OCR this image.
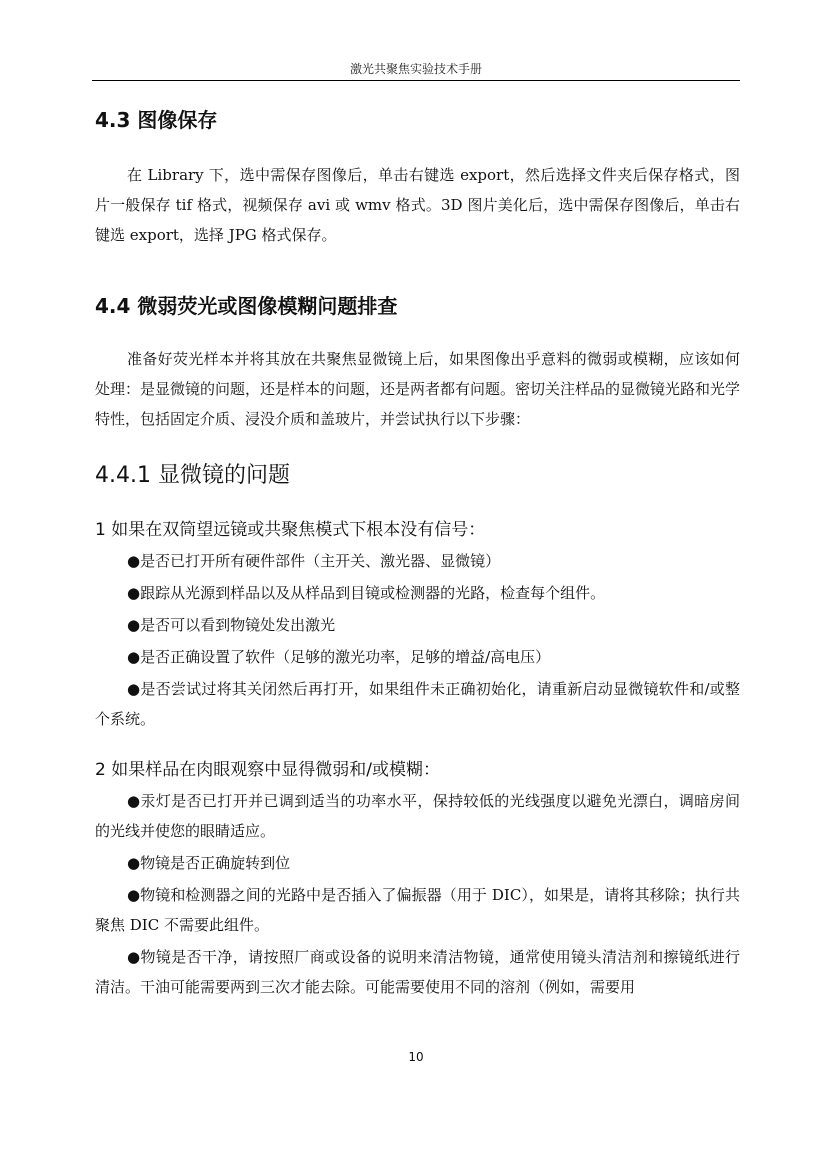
激光共聚焦实验技术手册
4.3 图像保存

在 Library 下，选中需保存图像后，单击右键选 export，然后选择文件夹后保存格式，图片一般保存 tif 格式，视频保存 avi 或 wmv 格式。3D 图片美化后，选中需保存图像后，单击右键选 export，选择 JPG 格式保存。

4.4 微弱荧光或图像模糊问题排查

准备好荧光样本并将其放在共聚焦显微镜上后，如果图像出乎意料的微弱或模糊，应该如何处理：是显微镜的问题，还是样本的问题，还是两者都有问题。密切关注样品的显微镜光路和光学特性，包括固定介质、浸没介质和盖玻片，并尝试执行以下步骤：

4.4.1 显微镜的问题
1 如果在双筒望远镜或共聚焦模式下根本没有信号：

●是否已打开所有硬件部件（主开关、激光器、显微镜）

●跟踪从光源到样品以及从样品到目镜或检测器的光路，检查每个组件。

●是否可以看到物镜处发出激光

●是否正确设置了软件（足够的激光功率，足够的增益/高电压）

●是否尝试过将其关闭然后再打开，如果组件未正确初始化，请重新启动显微镜软件和/或整个系统。

2 如果样品在肉眼观察中显得微弱和/或模糊：

●汞灯是否已打开并已调到适当的功率水平，保持较低的光线强度以避免光漂白，调暗房间的光线并使您的眼睛适应。

●物镜是否正确旋转到位

●物镜和检测器之间的光路中是否插入了偏振器（用于 DIC），如果是，请将其移除；执行共聚焦 DIC 不需要此组件。

●物镜是否干净，请按照厂商或设备的说明来清洁物镜，通常使用镜头清洁剂和擦镜纸进行清洁。干油可能需要两到三次才能去除。可能需要使用不同的溶剂（例如，需要用

10
